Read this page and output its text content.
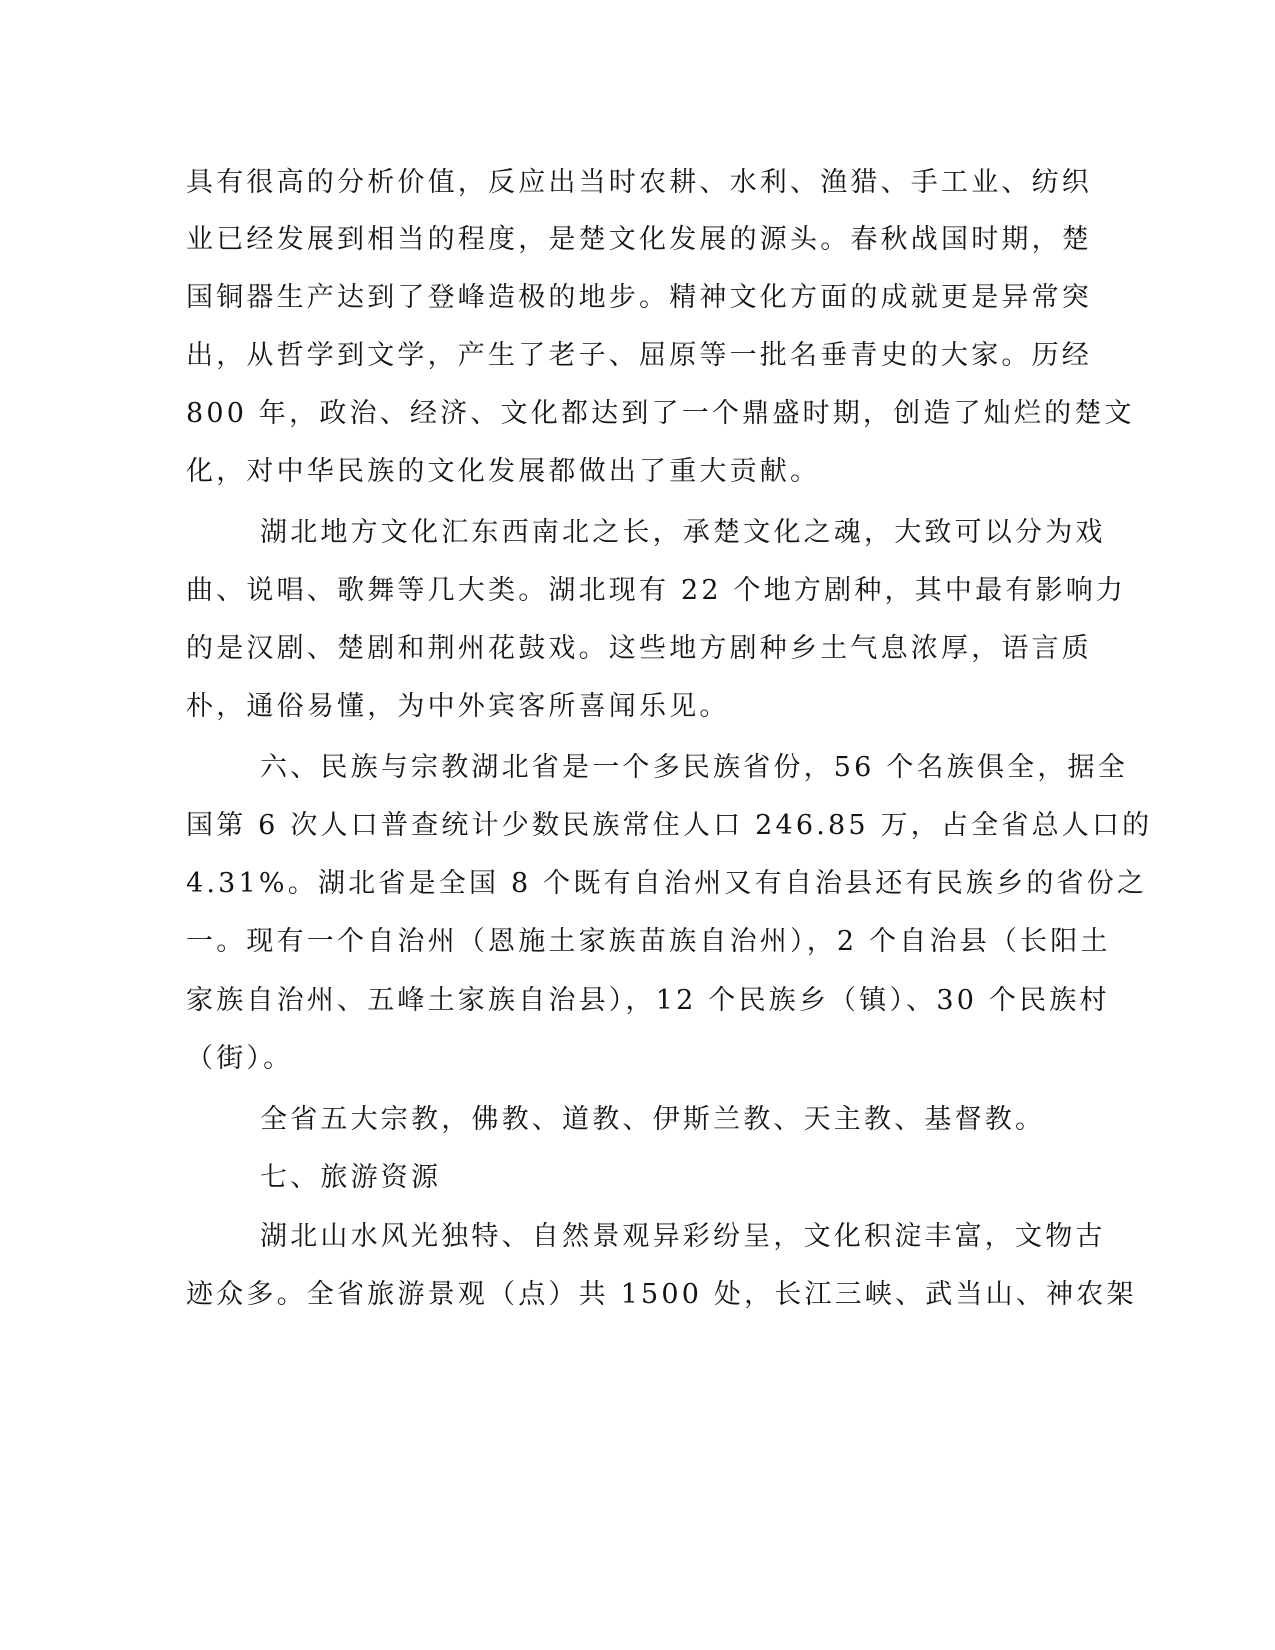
具有很高的分析价值，反应出当时农耕、水利、渔猎、手工业、纺织
业已经发展到相当的程度，是楚文化发展的源头。春秋战国时期，楚
国铜器生产达到了登峰造极的地步。精神文化方面的成就更是异常突
出，从哲学到文学，产生了老子、屈原等一批名垂青史的大家。历经
800 年，政治、经济、文化都达到了一个鼎盛时期，创造了灿烂的楚文
化，对中华民族的文化发展都做出了重大贡献。
湖北地方文化汇东西南北之长，承楚文化之魂，大致可以分为戏
曲、说唱、歌舞等几大类。湖北现有 22 个地方剧种，其中最有影响力
的是汉剧、楚剧和荆州花鼓戏。这些地方剧种乡土气息浓厚，语言质
朴，通俗易懂，为中外宾客所喜闻乐见。
六、民族与宗教湖北省是一个多民族省份，56 个名族俱全，据全
国第 6 次人口普查统计少数民族常住人口 246.85 万，占全省总人口的
4.31%。湖北省是全国 8 个既有自治州又有自治县还有民族乡的省份之
一。现有一个自治州（恩施土家族苗族自治州），2 个自治县（长阳土
家族自治州、五峰土家族自治县），12 个民族乡（镇）、30 个民族村
（街）。
全省五大宗教，佛教、道教、伊斯兰教、天主教、基督教。
七、旅游资源
湖北山水风光独特、自然景观异彩纷呈，文化积淀丰富，文物古
迹众多。全省旅游景观（点）共 1500 处，长江三峡、武当山、神农架
